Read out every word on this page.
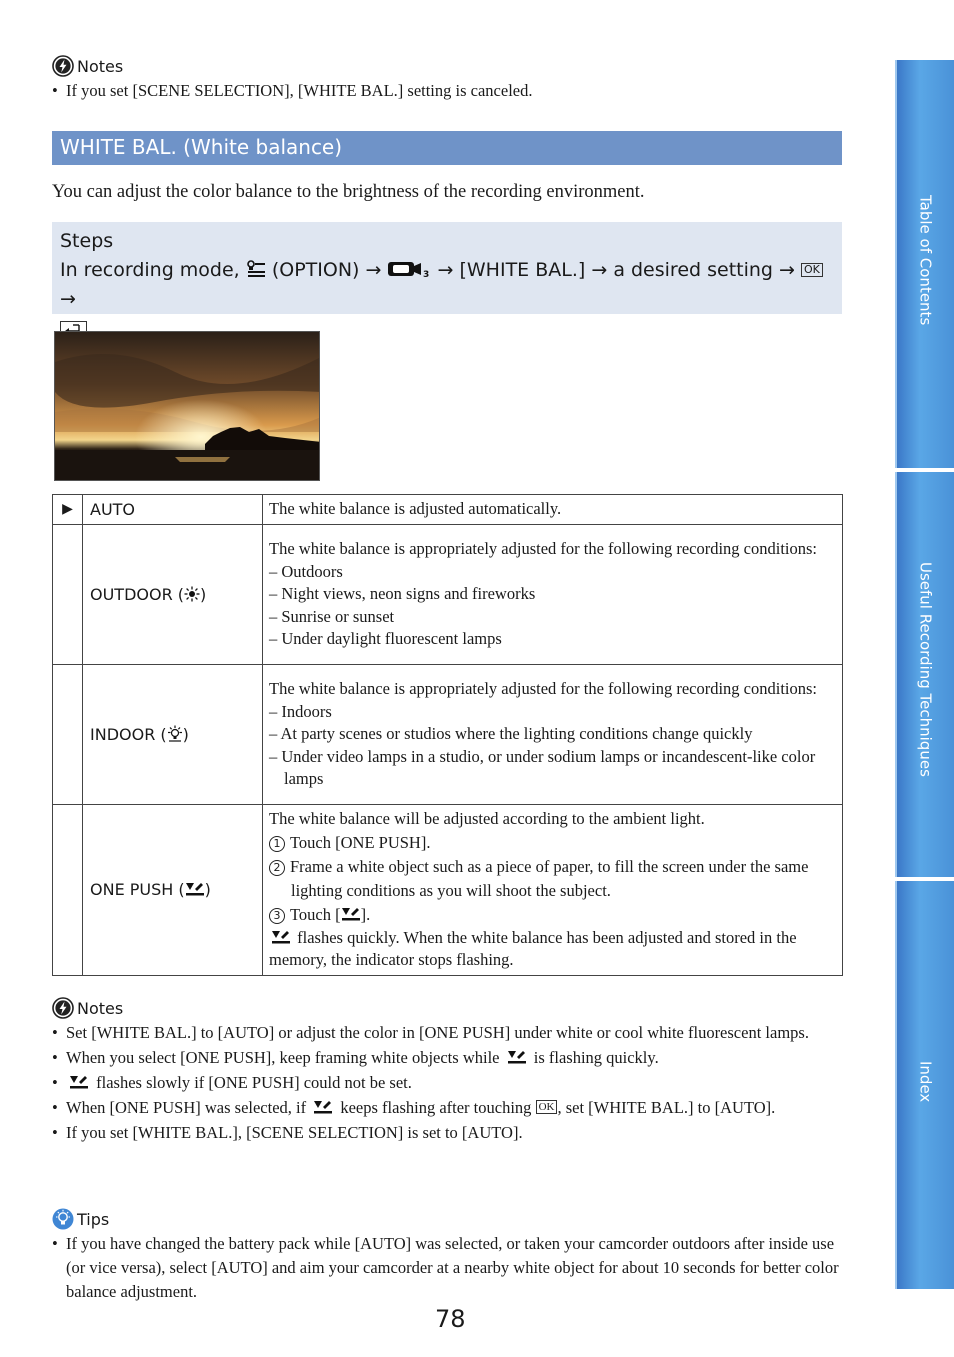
Notes
• If you set [SCENE SELECTION], [WHITE BAL.] setting is canceled.
WHITE BAL. (White balance)

You can adjust the color balance to the brightness of the recording environment.

Steps
In recording mode, (OPTION) →	3 → [WHITE BAL.] → a desired setting → OK →
▶	AUTO	The white balance is adjusted automatically.
	OUTDOOR ( )	The white balance is appropriately adjusted for the following recording conditions:
– Outdoors
– Night views, neon signs and fireworks
– Sunrise or sunset
– Under daylight fluorescent lamps

	INDOOR ( )	The white balance is appropriately adjusted for the following recording conditions:
– Indoors
– At party scenes or studios where the lighting conditions change quickly
– Under video lamps in a studio, or under sodium lamps or incandescent-like color lamps

	ONE PUSH ( )	The white balance will be adjusted according to the ambient light.
1 Touch [ONE PUSH].
2 Frame a white object such as a piece of paper, to fill the screen under the same lighting conditions as you will shoot the subject.
3 Touch [ ].
flashes quickly. When the white balance has been adjusted and stored in the memory, the indicator stops flashing.
Notes
• Set [WHITE BAL.] to [AUTO] or adjust the color in [ONE PUSH] under white or cool white fluorescent lamps.
• When you select [ONE PUSH], keep framing white objects while is flashing quickly.
• flashes slowly if [ONE PUSH] could not be set.
• When [ONE PUSH] was selected, if keeps flashing after touching OK , set [WHITE BAL.] to [AUTO].
• If you set [WHITE BAL.], [SCENE SELECTION] is set to [AUTO].
Tips
• If you have changed the battery pack while [AUTO] was selected, or taken your camcorder outdoors after inside use (or vice versa), select [AUTO] and aim your camcorder at a nearby white object for about 10 seconds for better color balance adjustment.
78
Table of Contents
Useful Recording Techniques
Index
